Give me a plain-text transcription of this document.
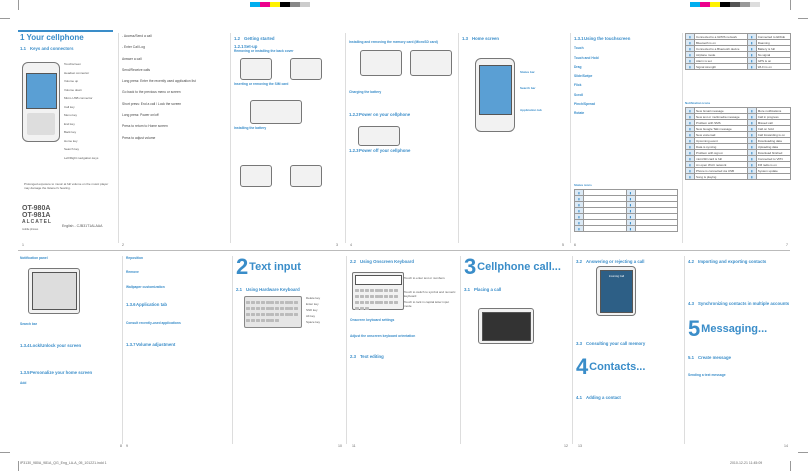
1 Your cellphone
1.1 Keys and connectors
Touchscreen
Headset connector
Volume up
Volume down
Micro-USB connector
Call key
Menu key
End key
Back key
Home key
Search key
Left/Right navigation keys
Prolonged exposure to music at full volume on the music player may damage the listener's hearing.
OT-980A
OT-981A
ALCATEL
mobile phones
English - CJB31T1ALAAA
1
- Access/Send a call
- Enter Call Log
Answer a call
Send/Receive calls
Long press: Enter the recently used application list
Go back to the previous menu or screen
Short press: End a call / Lock the screen
Long press: Power on/off
Press to return to Home screen
Press to adjust volume
2
1.2 Getting started
1.2.1Set-up
Removing or installing the back cover
Inserting or removing the SIM card
Installing the battery
3
Installing and removing the memory card (MicroSD card)
Charging the battery
1.2.2Power on your cellphone
1.2.3Power off your cellphone
4
1.3 Home screen
Status bar
Search bar
Application tab
5
1.3.1Using the touchscreen
Touch
Touch and Hold
Drag
Slide/Swipe
Flick
Scroll
Pinch/Spread
Rotate
Status icons
▮		▮	
▮		▮	
▮		▮	
▮		▮	
▮		▮	
▮		▮	
▮		▮	
6
▮	Connected to a GPRS network	▮	Connected to EDGE
▮	Bluetooth is on	▮	Roaming
▮	Connected to a Bluetooth device	▮	Battery is full
▮	Airplane mode	▮	No signal
▮	Alarm is set	▮	GPS is on
▮	Signal strength	▮	Wi-Fi is on
Notification icons
▮	New Gmail message	▮	More notifications
▮	New text or multimedia message	▮	Call in progress
▮	Problem with SMS	▮	Missed call
▮	New Google Talk message	▮	Call on hold
▮	New voicemail	▮	Call forwarding is on
▮	Upcoming event	▮	Downloading data
▮	Data is syncing	▮	Uploading data
▮	Problem with sign-in	▮	Download finished
▮	microSD card is full	▮	Connected to VPN
▮	An open Wi-Fi network	▮	FM radio is on
▮	Phone is connected via USB	▮	System update
▮	Song is playing	▮	
7
Notification panel
Search bar
1.3.4Lock/Unlock your screen
1.3.5Personalize your home screen
Add
8
Reposition
Remove
Wallpaper customization
1.3.6Application tab
Consult recently-used applications
1.3.7Volume adjustment
9
2 Text input
2.1 Using Hardware Keyboard
Delete key
Enter key
Shift key
Alt key
Space key
10
2.2 Using Onscreen Keyboard
Touch to enter text or numbers
Touch to switch to symbol and numeric keyboard
Touch to lock in capital letter input mode
Onscreen keyboard settings
Adjust the onscreen keyboard orientation
2.3 Text editing
11
3 Cellphone call...
3.1 Placing a call
12
3.2 Answering or rejecting a call
Incoming Call
3.3 Consulting your call memory
4 Contacts...
4.1 Adding a contact
13
4.2 Importing and exporting contacts
4.3 Synchronizing contacts in multiple accounts
5 Messaging...
5.1 Create message
Sending a text message
14
IP3130_980A_981A_QG_Eng_LA-A_05_101221.indd 1	2010-12-21 11:45:09
